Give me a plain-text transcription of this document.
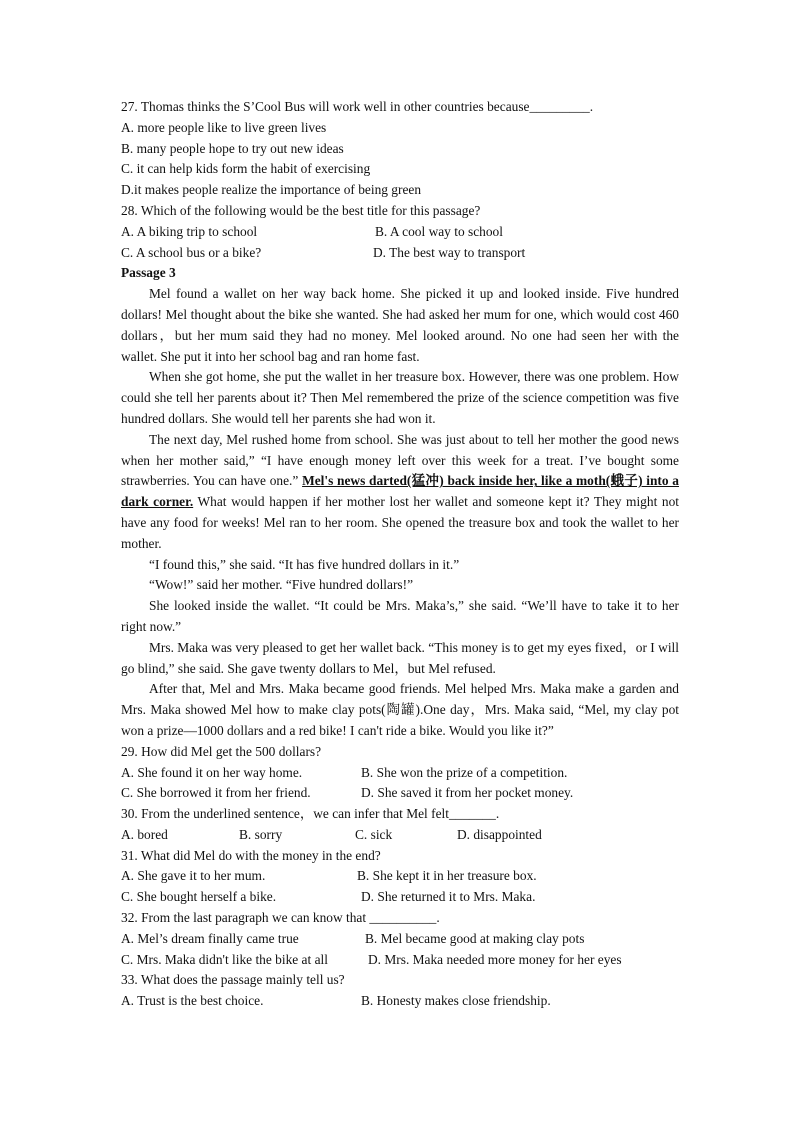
27. Thomas thinks the S’Cool Bus will work well in other countries because_________.
A. more people like to live green lives
B. many people hope to try out new ideas
C. it can help kids form the habit of exercising
D.it makes people realize the importance of being green
28. Which of the following would be the best title for this passage?
A. A biking trip to school	B. A cool way to school
C. A school bus or a bike?	D. The best way to transport
Passage 3

Mel found a wallet on her way back home. She picked it up and looked inside. Five hundred dollars! Mel thought about the bike she wanted. She had asked her mum for one, which would cost 460 dollars，but her mum said they had no money. Mel looked around. No one had seen her with the wallet. She put it into her school bag and ran home fast.

When she got home, she put the wallet in her treasure box. However, there was one problem. How could she tell her parents about it? Then Mel remembered the prize of the science competition was five hundred dollars. She would tell her parents she had won it.

The next day, Mel rushed home from school. She was just about to tell her mother the good news when her mother said,” “I have enough money left over this week for a treat. I’ve bought some strawberries. You can have one.” Mel's news darted(猛冲) back inside her, like a moth(蛾子) into a dark corner. What would happen if her mother lost her wallet and someone kept it? They might not have any food for weeks! Mel ran to her room. She opened the treasure box and took the wallet to her mother.

“I found this,” she said. “It has five hundred dollars in it.”

“Wow!” said her mother. “Five hundred dollars!”

She looked inside the wallet. “It could be Mrs. Maka’s,” she said. “We’ll have to take it to her right now.”

Mrs. Maka was very pleased to get her wallet back. “This money is to get my eyes fixed，or I will go blind,” she said. She gave twenty dollars to Mel，but Mel refused.

After that, Mel and Mrs. Maka became good friends. Mel helped Mrs. Maka make a garden and Mrs. Maka showed Mel how to make clay pots(陶罐).One day，Mrs. Maka said, “Mel, my clay pot won a prize—1000 dollars and a red bike! I can't ride a bike. Would you like it?”

29. How did Mel get the 500 dollars?
A. She found it on her way home.	B. She won the prize of a competition.
C. She borrowed it from her friend.	D. She saved it from her pocket money.
30. From the underlined sentence，we can infer that Mel felt_______.
A. bored	B. sorry	C. sick	D. disappointed
31. What did Mel do with the money in the end?
A. She gave it to her mum.	B. She kept it in her treasure box.
C. She bought herself a bike.	D. She returned it to Mrs. Maka.
32. From the last paragraph we can know that __________.
A. Mel’s dream finally came true	B. Mel became good at making clay pots
C. Mrs. Maka didn't like the bike at all	D. Mrs. Maka needed more money for her eyes
33. What does the passage mainly tell us?
A. Trust is the best choice.	B. Honesty makes close friendship.
